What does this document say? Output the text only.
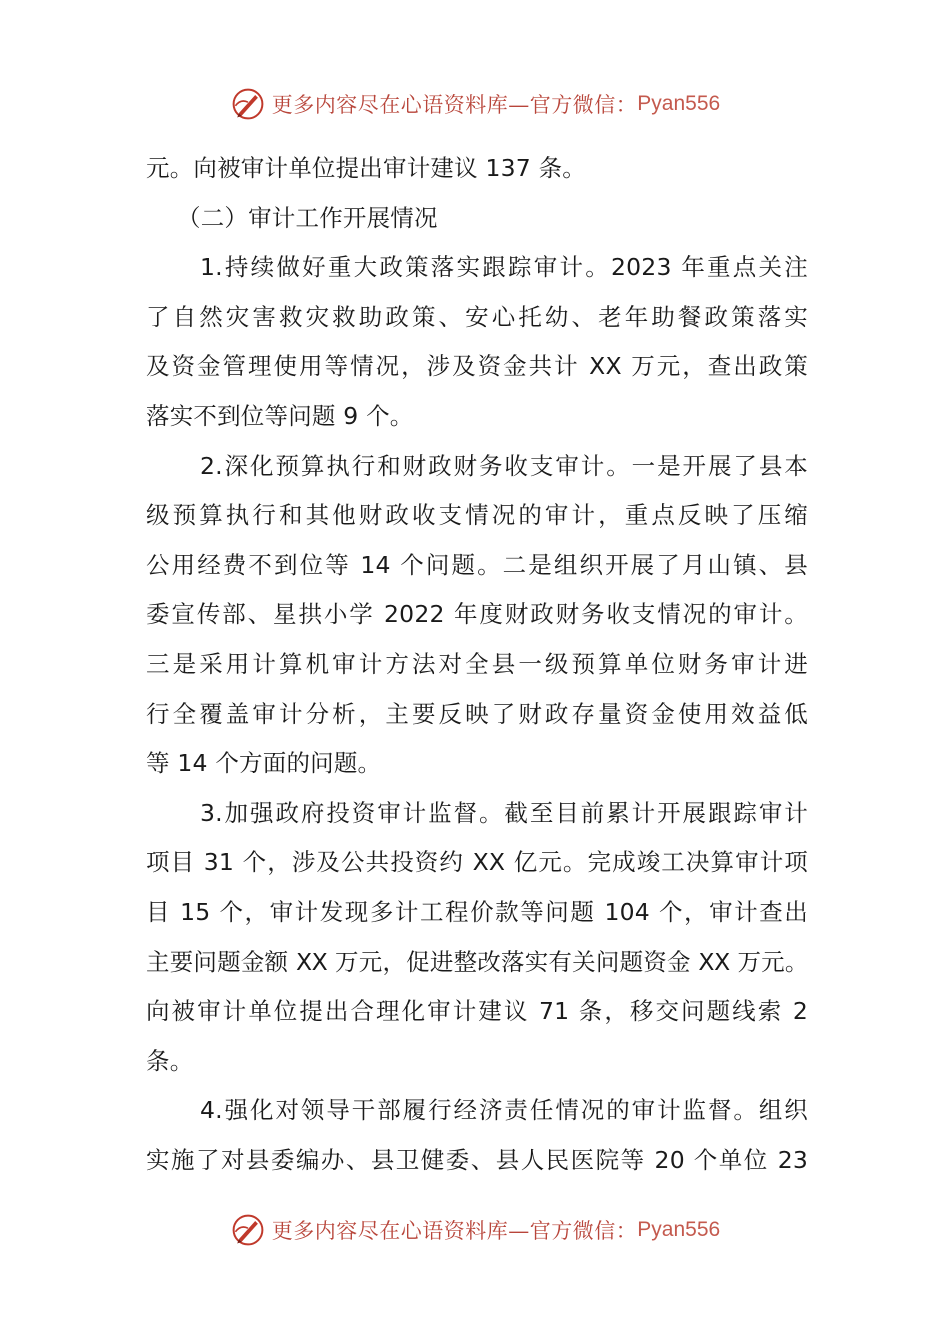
更多内容尽在心语资料库—官方微信： Pyan556
元。向被审计单位提出审计建议 137 条。
（二）审计工作开展情况
1.持续做好重大政策落实跟踪审计。2023 年重点关注
了自然灾害救灾救助政策、安心托幼、老年助餐政策落实
及资金管理使用等情况，涉及资金共计 XX 万元，查出政策
落实不到位等问题 9 个。
2.深化预算执行和财政财务收支审计。一是开展了县本
级预算执行和其他财政收支情况的审计，重点反映了压缩
公用经费不到位等 14 个问题。二是组织开展了月山镇、县
委宣传部、星拱小学 2022 年度财政财务收支情况的审计。
三是采用计算机审计方法对全县一级预算单位财务审计进
行全覆盖审计分析，主要反映了财政存量资金使用效益低
等 14 个方面的问题。
3.加强政府投资审计监督。截至目前累计开展跟踪审计
项目 31 个，涉及公共投资约 XX 亿元。完成竣工决算审计项
目 15 个，审计发现多计工程价款等问题 104 个，审计查出
主要问题金额 XX 万元，促进整改落实有关问题资金 XX 万元。
向被审计单位提出合理化审计建议 71 条，移交问题线索 2
条。
4.强化对领导干部履行经济责任情况的审计监督。组织
实施了对县委编办、县卫健委、县人民医院等 20 个单位 23
更多内容尽在心语资料库—官方微信： Pyan556
